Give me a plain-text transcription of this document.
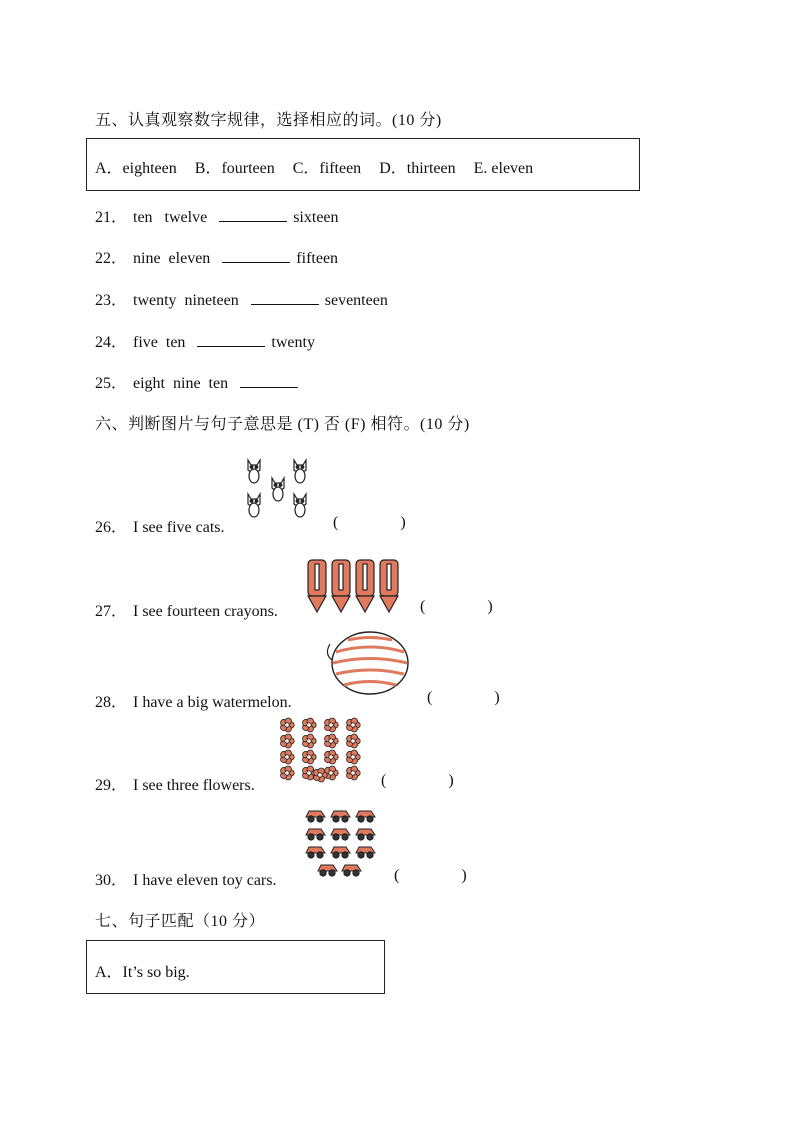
五、认真观察数字规律，选择相应的词。(10 分)
A．eighteen B．fourteen C．fifteen D．thirteen E. eleven
21． ten   twelve	sixteen
22． nine  eleven	fifteen
23． twenty  nineteen	seventeen
24． five  ten	twenty
25． eight  nine  ten
六、判断图片与句子意思是 (T) 否 (F) 相符。(10 分)
26． I see five cats.	(	)
27． I see fourteen crayons.	(	)
28． I have a big watermelon.	(	)
29． I see three flowers.	(	)
30． I have eleven toy cars.	(	)
七、句子匹配（10 分）
A．It’s so big.
